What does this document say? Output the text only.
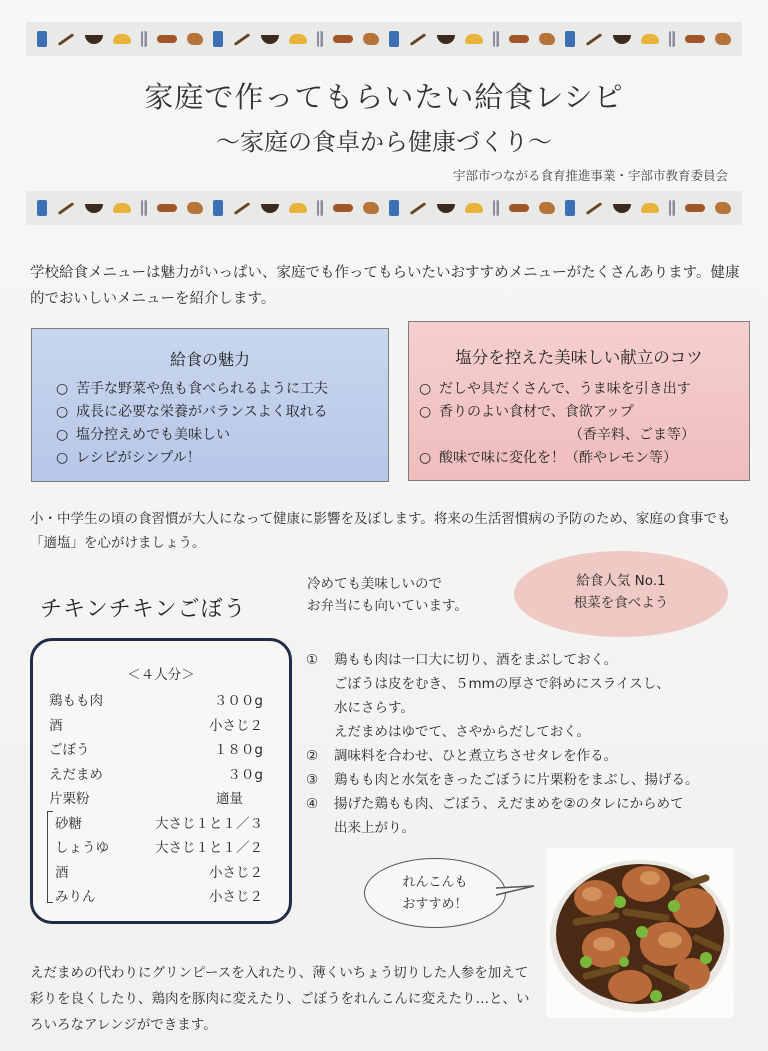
家庭で作ってもらいたい給食レシピ
〜家庭の食卓から健康づくり〜
宇部市つながる食育推進事業・宇部市教育委員会
学校給食メニューは魅力がいっぱい、家庭でも作ってもらいたいおすすめメニューがたくさんあります。健康的でおいしいメニューを紹介します。
給食の魅力
○ 苦手な野菜や魚も食べられるように工夫
○ 成長に必要な栄養がバランスよく取れる
○ 塩分控えめでも美味しい
○ レシピがシンプル！
塩分を控えた美味しい献立のコツ
○ だしや具だくさんで、うま味を引き出す
○ 香りのよい食材で、食欲アップ
（香辛料、ごま等）
○ 酸味で味に変化を！（酢やレモン等）
小・中学生の頃の食習慣が大人になって健康に影響を及ぼします。将来の生活習慣病の予防のため、家庭の食事でも「適塩」を心がけましょう。
チキンチキンごぼう
冷めても美味しいので
お弁当にも向いています。
給食人気 No.1
根菜を食べよう
＜４人分＞
鶏もも肉	３００g
酒	小さじ２
ごぼう	１８０g
えだまめ	３０g
片栗粉	適量
砂糖	大さじ１と１／３
しょうゆ	大さじ１と１／２
酒	小さじ２
みりん	小さじ２
①	鶏もも肉は一口大に切り、酒をまぶしておく。
ごぼうは皮をむき、５mmの厚さで斜めにスライスし、
水にさらす。
えだまめはゆでて、さやからだしておく。
②	調味料を合わせ、ひと煮立ちさせタレを作る。
③	鶏もも肉と水気をきったごぼうに片栗粉をまぶし、揚げる。
④	揚げた鶏もも肉、ごぼう、えだまめを②のタレにからめて
出来上がり。
れんこんも
おすすめ！
えだまめの代わりにグリンピースを入れたり、薄くいちょう切りした人参を加えて彩りを良くしたり、鶏肉を豚肉に変えたり、ごぼうをれんこんに変えたり…と、いろいろなアレンジができます。
